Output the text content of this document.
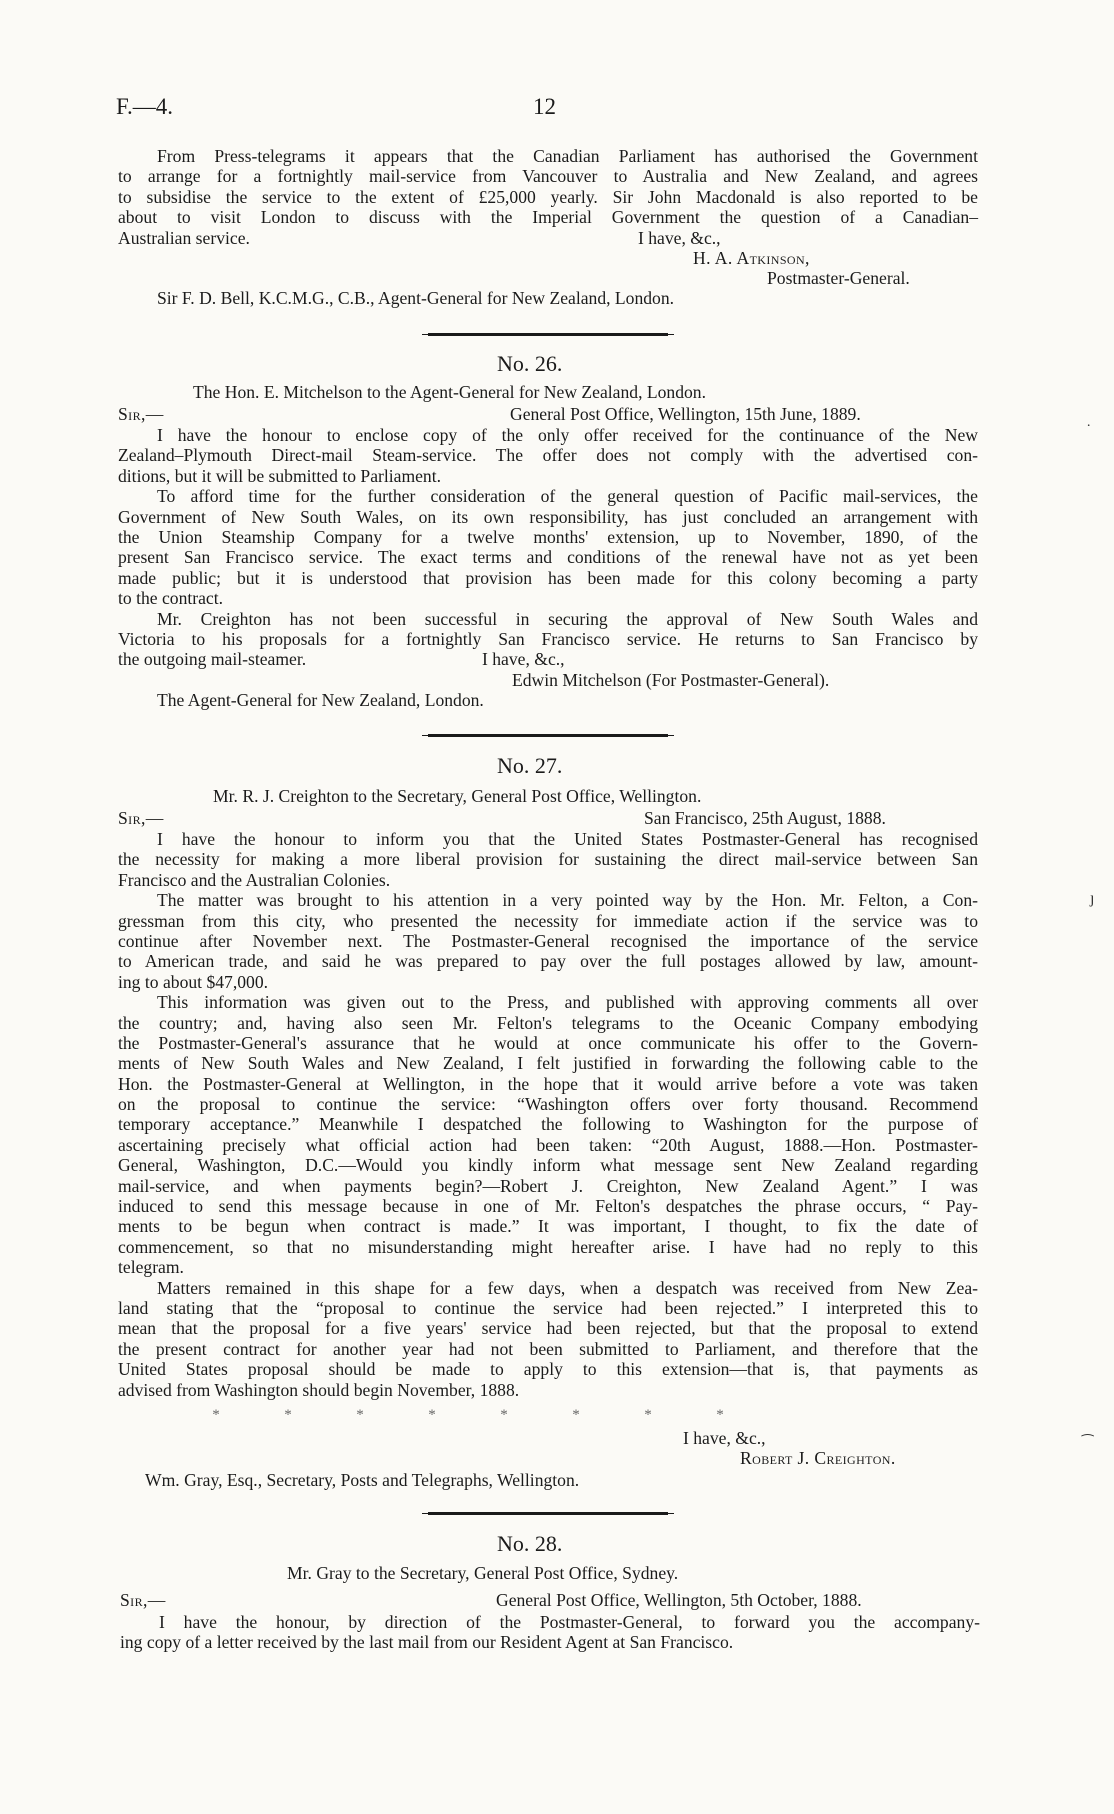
F.—4.	12
From Press-telegrams it appears that the Canadian Parliament has authorised the Government
to arrange for a fortnightly mail-service from Vancouver to Australia and New Zealand, and agrees
to subsidise the service to the extent of £25,000 yearly. Sir John Macdonald is also reported to be
about to visit London to discuss with the Imperial Government the question of a Canadian–
Australian service.	I have, &c.,
H. A. Atkinson,
Postmaster-General.
Sir F. D. Bell, K.C.M.G., C.B., Agent-General for New Zealand, London.
No. 26.
The Hon. E. Mitchelson to the Agent-General for New Zealand, London.
Sir,—	General Post Office, Wellington, 15th June, 1889.
I have the honour to enclose copy of the only offer received for the continuance of the New
Zealand–Plymouth Direct-mail Steam-service. The offer does not comply with the advertised con-
ditions, but it will be submitted to Parliament.
To afford time for the further consideration of the general question of Pacific mail-services, the
Government of New South Wales, on its own responsibility, has just concluded an arrangement with
the Union Steamship Company for a twelve months' extension, up to November, 1890, of the
present San Francisco service. The exact terms and conditions of the renewal have not as yet been
made public; but it is understood that provision has been made for this colony becoming a party
to the contract.
Mr. Creighton has not been successful in securing the approval of New South Wales and
Victoria to his proposals for a fortnightly San Francisco service. He returns to San Francisco by
the outgoing mail-steamer.	I have, &c.,
Edwin Mitchelson (For Postmaster-General).
The Agent-General for New Zealand, London.
No. 27.
Mr. R. J. Creighton to the Secretary, General Post Office, Wellington.
Sir,—	San Francisco, 25th August, 1888.
I have the honour to inform you that the United States Postmaster-General has recognised
the necessity for making a more liberal provision for sustaining the direct mail-service between San
Francisco and the Australian Colonies.
The matter was brought to his attention in a very pointed way by the Hon. Mr. Felton, a Con-
gressman from this city, who presented the necessity for immediate action if the service was to
continue after November next. The Postmaster-General recognised the importance of the service
to American trade, and said he was prepared to pay over the full postages allowed by law, amount-
ing to about $47,000.
This information was given out to the Press, and published with approving comments all over
the country; and, having also seen Mr. Felton's telegrams to the Oceanic Company embodying
the Postmaster-General's assurance that he would at once communicate his offer to the Govern-
ments of New South Wales and New Zealand, I felt justified in forwarding the following cable to the
Hon. the Postmaster-General at Wellington, in the hope that it would arrive before a vote was taken
on the proposal to continue the service: “Washington offers over forty thousand. Recommend
temporary acceptance.” Meanwhile I despatched the following to Washington for the purpose of
ascertaining precisely what official action had been taken: “20th August, 1888.—Hon. Postmaster-
General, Washington, D.C.—Would you kindly inform what message sent New Zealand regarding
mail-service, and when payments begin?—Robert J. Creighton, New Zealand Agent.” I was
induced to send this message because in one of Mr. Felton's despatches the phrase occurs, “ Pay-
ments to be begun when contract is made.” It was important, I thought, to fix the date of
commencement, so that no misunderstanding might hereafter arise. I have had no reply to this
telegram.
Matters remained in this shape for a few days, when a despatch was received from New Zea-
land stating that the “proposal to continue the service had been rejected.” I interpreted this to
mean that the proposal for a five years' service had been rejected, but that the proposal to extend
the present contract for another year had not been submitted to Parliament, and therefore that the
United States proposal should be made to apply to this extension—that is, that payments as
advised from Washington should begin November, 1888.
*	*	*	*	*	*	*	*
I have, &c.,
Robert J. Creighton.
Wm. Gray, Esq., Secretary, Posts and Telegraphs, Wellington.
No. 28.
Mr. Gray to the Secretary, General Post Office, Sydney.
Sir,—	General Post Office, Wellington, 5th October, 1888.
I have the honour, by direction of the Postmaster-General, to forward you the accompany-
ing copy of a letter received by the last mail from our Resident Agent at San Francisco.
˙
ȷ
⁀
